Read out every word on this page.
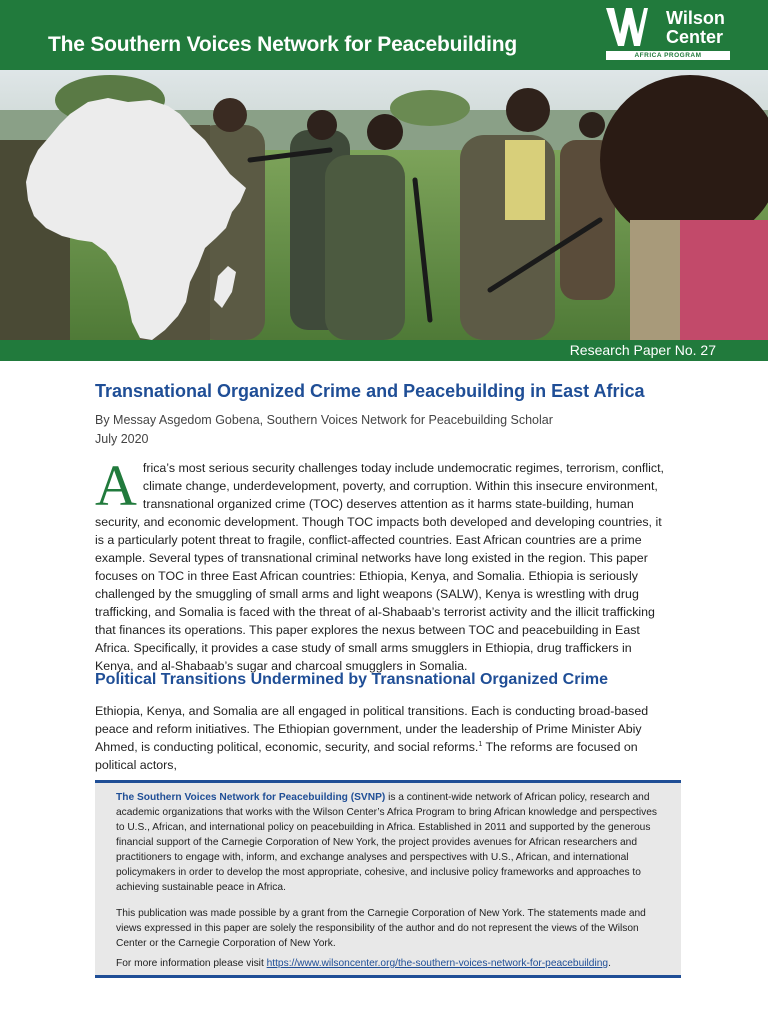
The Southern Voices Network for Peacebuilding
Wilson
Center
AFRICA PROGRAM
Research Paper No. 27
Transnational Organized Crime and Peacebuilding in East Africa
By Messay Asgedom Gobena, Southern Voices Network for Peacebuilding Scholar
July 2020

Africa’s most serious security challenges today include undemocratic regimes, terrorism, conflict, climate change, underdevelopment, poverty, and corruption. Within this insecure environment, transnational organized crime (TOC) deserves attention as it harms state-building, human security, and economic development. Though TOC impacts both developed and developing countries, it is a particularly potent threat to fragile, conflict-affected countries. East African countries are a prime example. Several types of transnational criminal networks have long existed in the region. This paper focuses on TOC in three East African countries: Ethiopia, Kenya, and Somalia. Ethiopia is seriously challenged by the smuggling of small arms and light weapons (SALW), Kenya is wrestling with drug trafficking, and Somalia is faced with the threat of al-Shabaab’s terrorist activity and the illicit trafficking that finances its operations. This paper explores the nexus between TOC and peacebuilding in East Africa. Specifically, it provides a case study of small arms smugglers in Ethiopia, drug traffickers in Kenya, and al-Shabaab’s sugar and charcoal smugglers in Somalia.

Political Transitions Undermined by Transnational Organized Crime

Ethiopia, Kenya, and Somalia are all engaged in political transitions. Each is conducting broad-based peace and reform initiatives. The Ethiopian government, under the leadership of Prime Minister Abiy Ahmed, is conducting political, economic, security, and social reforms.$^1$ The reforms are focused on political actors,

The Southern Voices Network for Peacebuilding (SVNP) is a continent-wide network of African policy, research and academic organizations that works with the Wilson Center’s Africa Program to bring African knowledge and perspectives to U.S., African, and international policy on peacebuilding in Africa. Established in 2011 and supported by the generous financial support of the Carnegie Corporation of New York, the project provides avenues for African researchers and practitioners to engage with, inform, and exchange analyses and perspectives with U.S., African, and international policymakers in order to develop the most appropriate, cohesive, and inclusive policy frameworks and approaches to achieving sustainable peace in Africa.

This publication was made possible by a grant from the Carnegie Corporation of New York. The statements made and views expressed in this paper are solely the responsibility of the author and do not represent the views of the Wilson Center or the Carnegie Corporation of New York.

For more information please visit https://www.wilsoncenter.org/the-southern-voices-network-for-peacebuilding.
